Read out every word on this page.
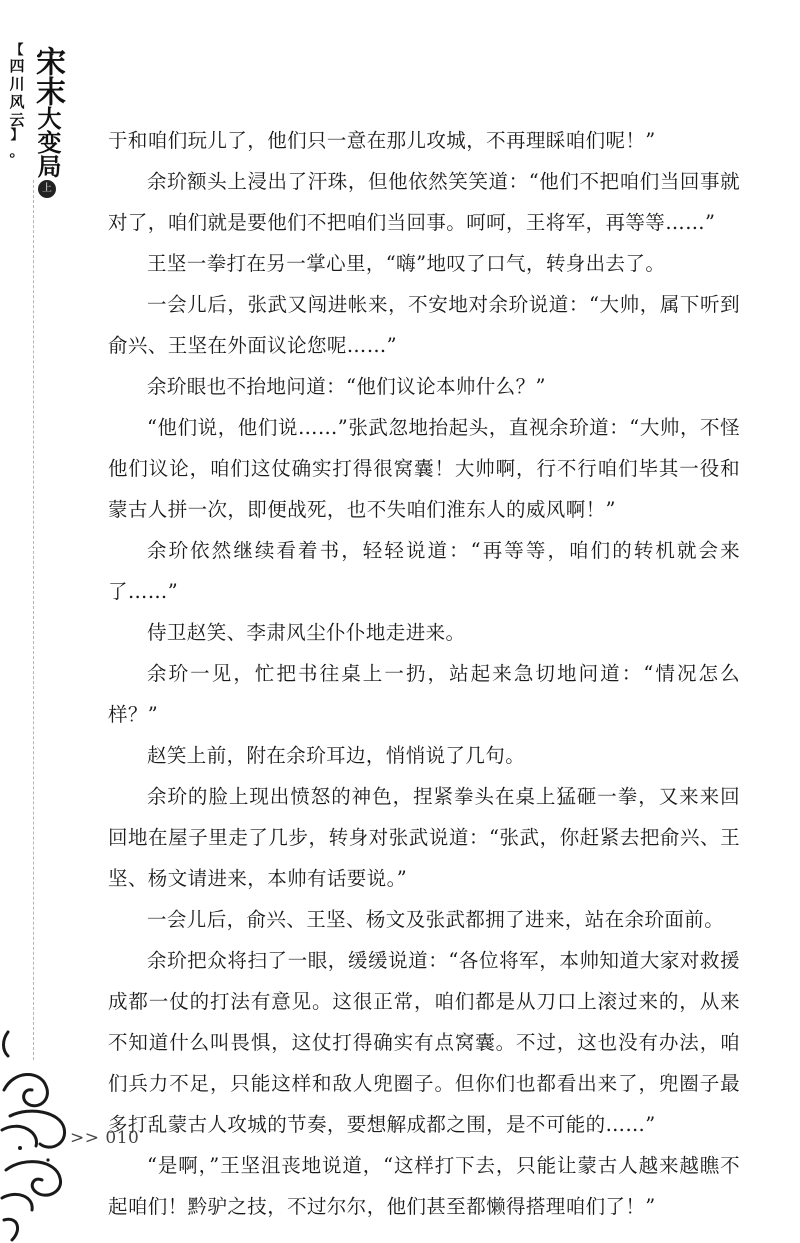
【
四
川
风
云
】
。
宋末
大变局
上

于和咱们玩儿了，他们只一意在那儿攻城，不再理睬咱们呢！”

余玠额头上浸出了汗珠，但他依然笑笑道：“他们不把咱们当回事就对了，咱们就是要他们不把咱们当回事。呵呵，王将军，再等等……”

王坚一拳打在另一掌心里，“嗨”地叹了口气，转身出去了。

一会儿后，张武又闯进帐来，不安地对余玠说道：“大帅，属下听到俞兴、王坚在外面议论您呢……”

余玠眼也不抬地问道：“他们议论本帅什么？”

“他们说，他们说……”张武忽地抬起头，直视余玠道：“大帅，不怪他们议论，咱们这仗确实打得很窝囊！大帅啊，行不行咱们毕其一役和蒙古人拼一次，即便战死，也不失咱们淮东人的威风啊！”

余玠依然继续看着书，轻轻说道：“再等等，咱们的转机就会来了……”

侍卫赵笑、李肃风尘仆仆地走进来。

余玠一见，忙把书往桌上一扔，站起来急切地问道：“情况怎么样？”

赵笑上前，附在余玠耳边，悄悄说了几句。

余玠的脸上现出愤怒的神色，捏紧拳头在桌上猛砸一拳，又来来回回地在屋子里走了几步，转身对张武说道：“张武，你赶紧去把俞兴、王坚、杨文请进来，本帅有话要说。”

一会儿后，俞兴、王坚、杨文及张武都拥了进来，站在余玠面前。

余玠把众将扫了一眼，缓缓说道：“各位将军，本帅知道大家对救援成都一仗的打法有意见。这很正常，咱们都是从刀口上滚过来的，从来不知道什么叫畏惧，这仗打得确实有点窝囊。不过，这也没有办法，咱们兵力不足，只能这样和敌人兜圈子。但你们也都看出来了，兜圈子最多打乱蒙古人攻城的节奏，要想解成都之围，是不可能的……”

“是啊，”王坚沮丧地说道，“这样打下去，只能让蒙古人越来越瞧不起咱们！黔驴之技，不过尔尔，他们甚至都懒得搭理咱们了！”

>> 010
